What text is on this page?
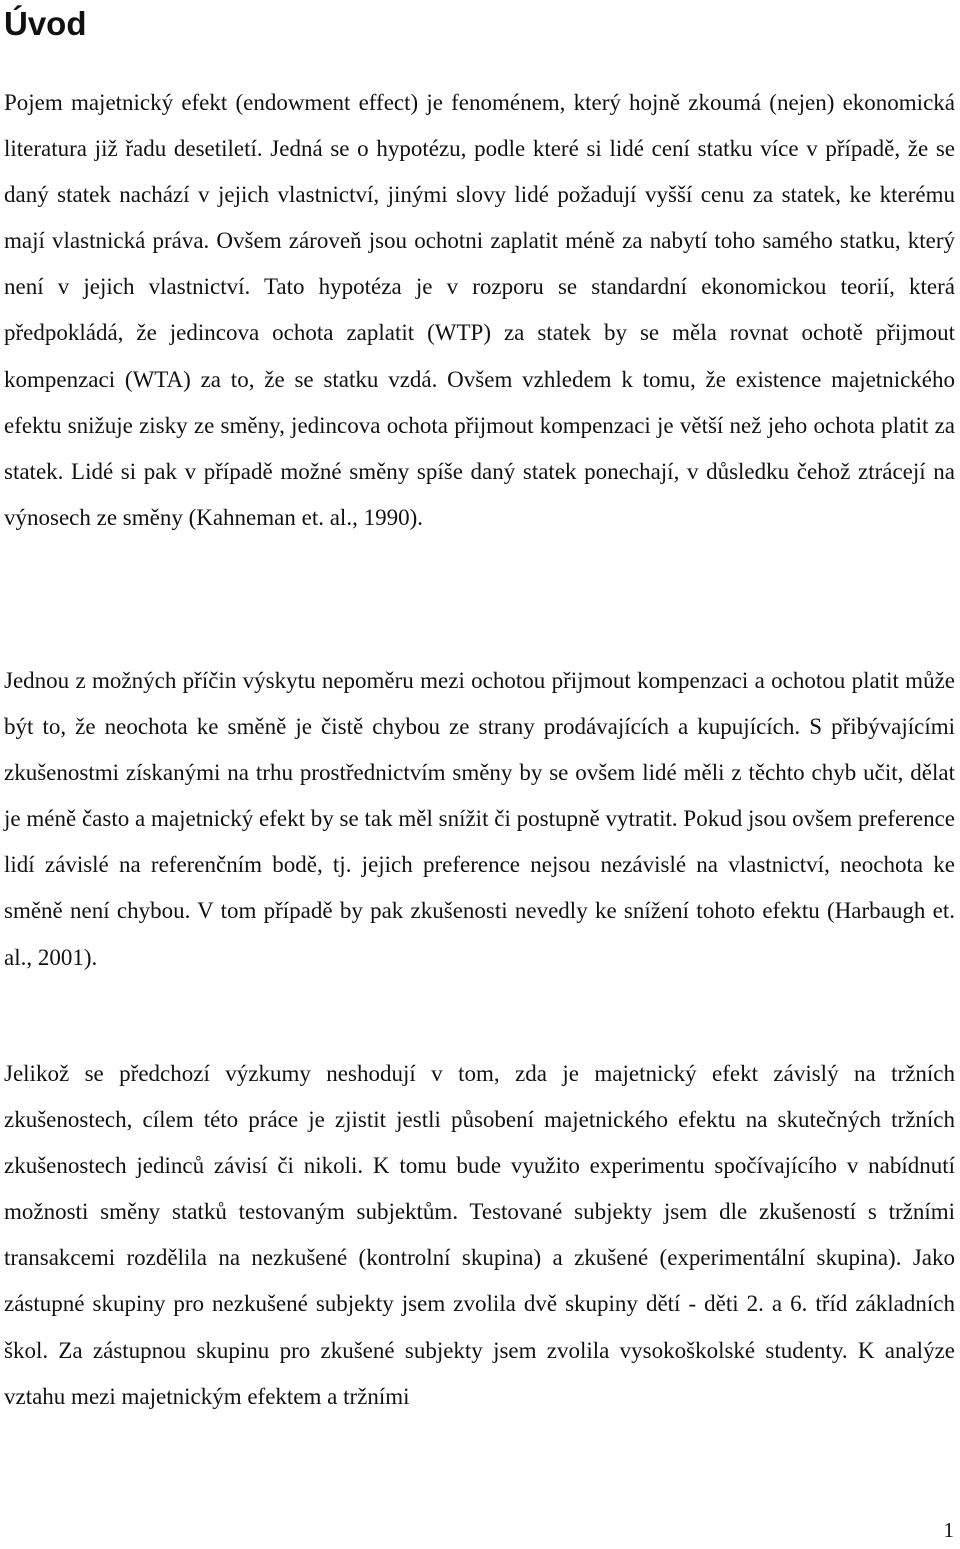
Úvod

Pojem majetnický efekt (endowment effect) je fenoménem, který hojně zkoumá (nejen) ekonomická literatura již řadu desetiletí. Jedná se o hypotézu, podle které si lidé cení statku více v případě, že se daný statek nachází v jejich vlastnictví, jinými slovy lidé požadují vyšší cenu za statek, ke kterému mají vlastnická práva. Ovšem zároveň jsou ochotni zaplatit méně za nabytí toho samého statku, který není v jejich vlastnictví. Tato hypotéza je v rozporu se standardní ekonomickou teorií, která předpokládá, že jedincova ochota zaplatit (WTP) za statek by se měla rovnat ochotě přijmout kompenzaci (WTA) za to, že se statku vzdá. Ovšem vzhledem k tomu, že existence majetnického efektu snižuje zisky ze směny, jedincova ochota přijmout kompenzaci je větší než jeho ochota platit za statek. Lidé si pak v případě možné směny spíše daný statek ponechají, v důsledku čehož ztrácejí na výnosech ze směny (Kahneman et. al., 1990).

Jednou z možných příčin výskytu nepoměru mezi ochotou přijmout kompenzaci a ochotou platit může být to, že neochota ke směně je čistě chybou ze strany prodávajících a kupujících. S přibývajícími zkušenostmi získanými na trhu prostřednictvím směny by se ovšem lidé měli z těchto chyb učit, dělat je méně často a majetnický efekt by se tak měl snížit či postupně vytratit. Pokud jsou ovšem preference lidí závislé na referenčním bodě, tj. jejich preference nejsou nezávislé na vlastnictví, neochota ke směně není chybou. V tom případě by pak zkušenosti nevedly ke snížení tohoto efektu (Harbaugh et. al., 2001).

Jelikož se předchozí výzkumy neshodují v tom, zda je majetnický efekt závislý na tržních zkušenostech, cílem této práce je zjistit jestli působení majetnického efektu na skutečných tržních zkušenostech jedinců závisí či nikoli. K tomu bude využito experimentu spočívajícího v nabídnutí možnosti směny statků testovaným subjektům. Testované subjekty jsem dle zkušeností s tržními transakcemi rozdělila na nezkušené (kontrolní skupina) a zkušené (experimentální skupina). Jako zástupné skupiny pro nezkušené subjekty jsem zvolila dvě skupiny dětí - děti 2. a 6. tříd základních škol. Za zástupnou skupinu pro zkušené subjekty jsem zvolila vysokoškolské studenty. K analýze vztahu mezi majetnickým efektem a tržními

1
